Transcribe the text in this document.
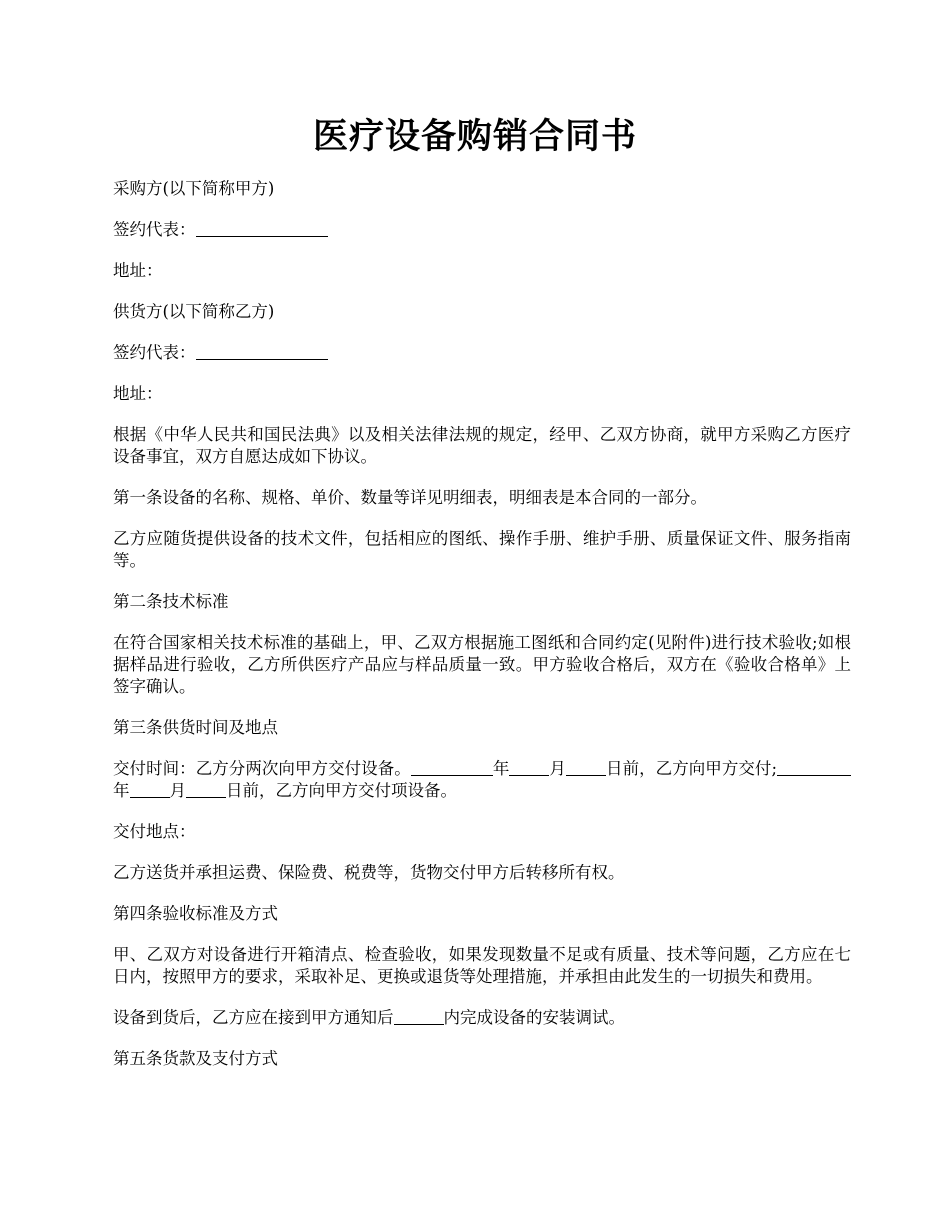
医疗设备购销合同书

采购方(以下简称甲方)

签约代表：

地址：

供货方(以下简称乙方)

签约代表：

地址：

根据《中华人民共和国民法典》以及相关法律法规的规定，经甲、乙双方协商，就甲方采购乙方医疗设备事宜，双方自愿达成如下协议。

第一条设备的名称、规格、单价、数量等详见明细表，明细表是本合同的一部分。

乙方应随货提供设备的技术文件，包括相应的图纸、操作手册、维护手册、质量保证文件、服务指南等。

第二条技术标准

在符合国家相关技术标准的基础上，甲、乙双方根据施工图纸和合同约定(见附件)进行技术验收;如根据样品进行验收，乙方所供医疗产品应与样品质量一致。甲方验收合格后，双方在《验收合格单》上签字确认。

第三条供货时间及地点

交付时间：乙方分两次向甲方交付设备。	年 月 日前，乙方向甲方交付;年 月 日前，乙方向甲方交付项设备。

交付地点：

乙方送货并承担运费、保险费、税费等，货物交付甲方后转移所有权。

第四条验收标准及方式

甲、乙双方对设备进行开箱清点、检查验收，如果发现数量不足或有质量、技术等问题，乙方应在七日内，按照甲方的要求，采取补足、更换或退货等处理措施，并承担由此发生的一切损失和费用。

设备到货后，乙方应在接到甲方通知后	内完成设备的安装调试。

第五条货款及支付方式
